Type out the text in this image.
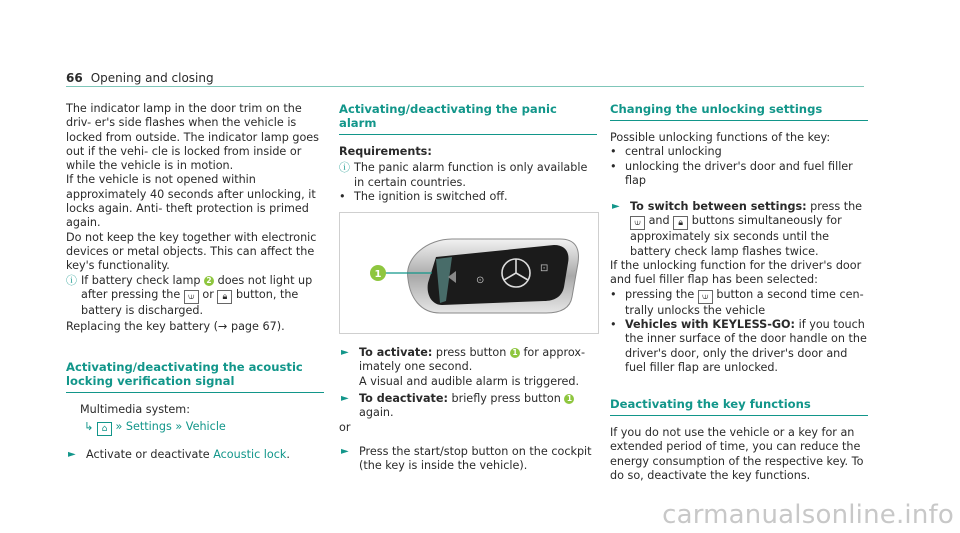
66 Opening and closing

The indicator lamp in the door trim on the driv- er's side flashes when the vehicle is locked from outside. The indicator lamp goes out if the vehi- cle is locked from inside or while the vehicle is in motion.

If the vehicle is not opened within approximately 40 seconds after unlocking, it locks again. Anti- theft protection is primed again.

Do not keep the key together with electronic devices or metal objects. This can affect the key's functionality.

ⓘ If battery check lamp 2 does not light up after pressing the ⟒ or 🔒︎ button, the battery is discharged.

Replacing the key battery (→ page 67).

Activating/deactivating the acoustic locking verification signal

Multimedia system:

↳ ⌂ » Settings » Vehicle

► Activate or deactivate Acoustic lock.

Activating/deactivating the panic alarm

Requirements:

ⓘ The panic alarm function is only available in certain countries.
• The ignition is switched off.
⊙
⊡
1
► To activate: press button 1 for approx- imately one second.
A visual and audible alarm is triggered.
► To deactivate: briefly press button 1 again.

or

► Press the start/stop button on the cockpit (the key is inside the vehicle).

Changing the unlocking settings

Possible unlocking functions of the key:

• central unlocking
• unlocking the driver's door and fuel filler flap
► To switch between settings: press the ⟒ and 🔒︎ buttons simultaneously for approximately six seconds until the battery check lamp flashes twice.

If the unlocking function for the driver's door and fuel filler flap has been selected:

• pressing the ⟒ button a second time cen- trally unlocks the vehicle
• Vehicles with KEYLESS-GO: if you touch the inner surface of the door handle on the driver's door, only the driver's door and fuel filler flap are unlocked.

Deactivating the key functions

If you do not use the vehicle or a key for an extended period of time, you can reduce the energy consumption of the respective key. To do so, deactivate the key functions.

carmanualsonline.info
